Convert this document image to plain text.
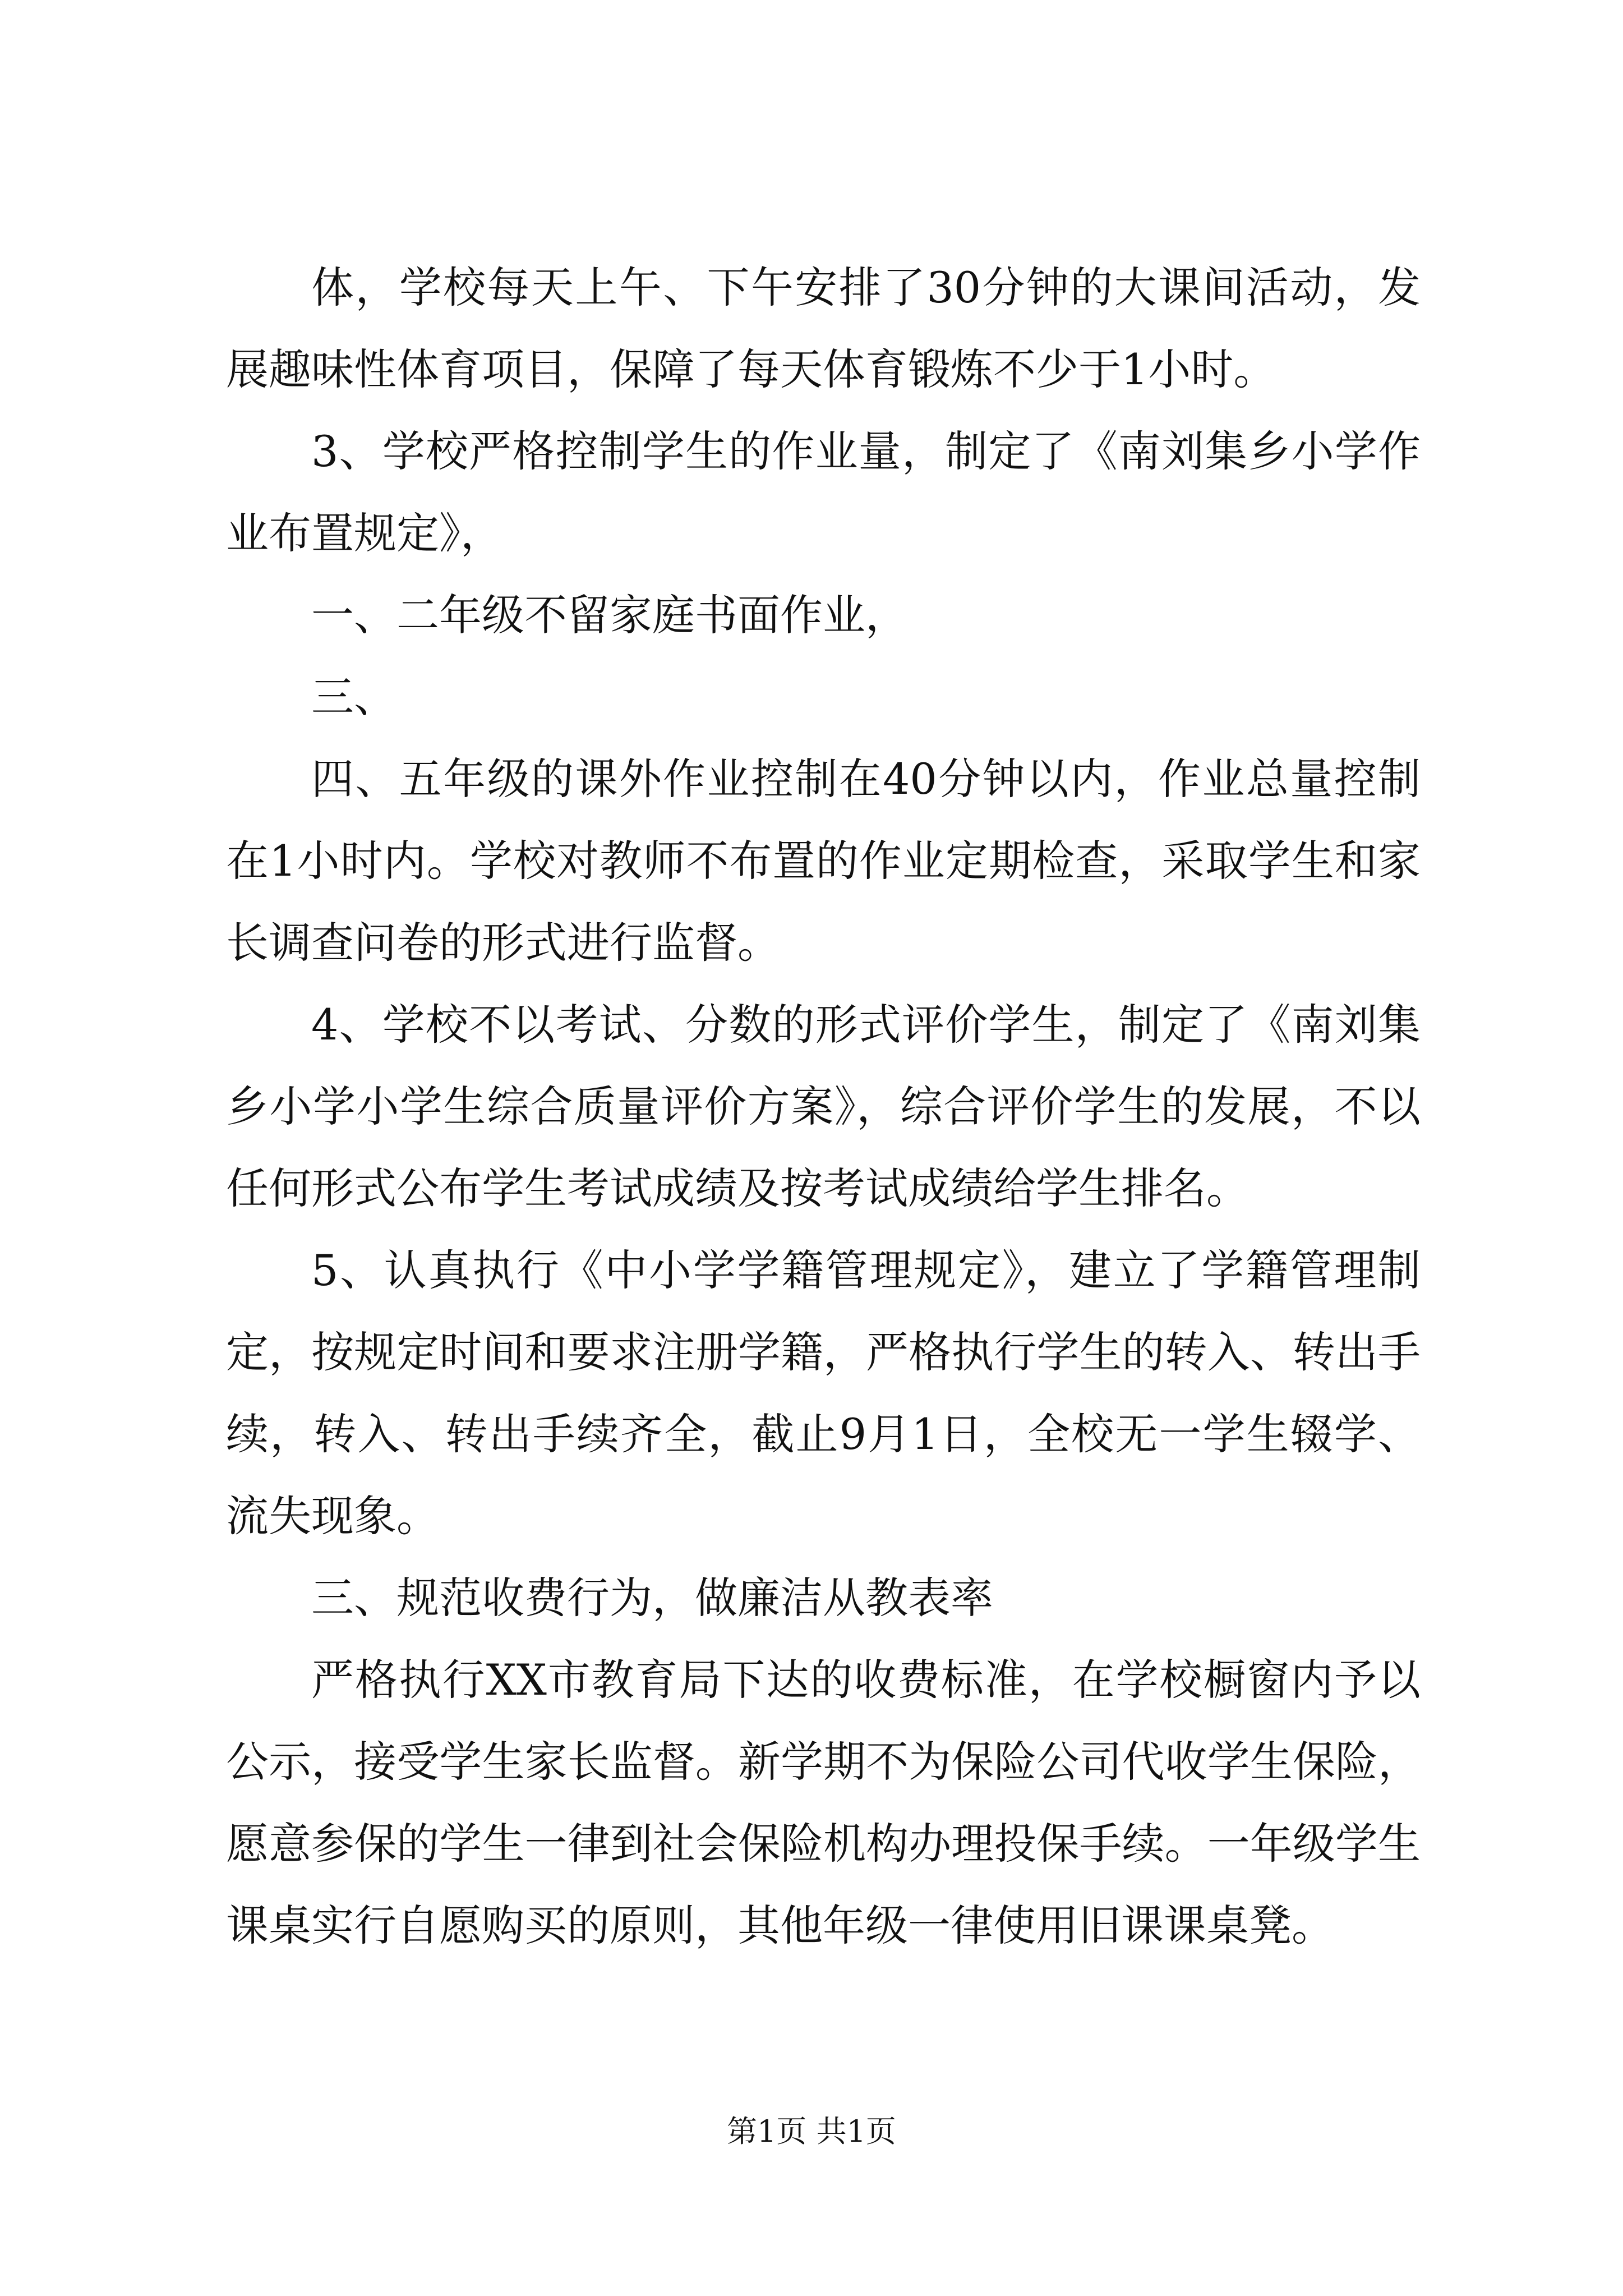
体，学校每天上午、下午安排了30分钟的大课间活动，发展趣味性体育项目，保障了每天体育锻炼不少于1小时。

3、学校严格控制学生的作业量，制定了《南刘集乡小学作业布置规定》，

一、二年级不留家庭书面作业，

三、

四、五年级的课外作业控制在40分钟以内，作业总量控制在1小时内。学校对教师不布置的作业定期检查，采取学生和家长调查问卷的形式进行监督。

4、学校不以考试、分数的形式评价学生，制定了《南刘集乡小学小学生综合质量评价方案》，综合评价学生的发展，不以任何形式公布学生考试成绩及按考试成绩给学生排名。

5、认真执行《中小学学籍管理规定》，建立了学籍管理制定，按规定时间和要求注册学籍，严格执行学生的转入、转出手续，转入、转出手续齐全，截止9月1日，全校无一学生辍学、流失现象。

三、规范收费行为，做廉洁从教表率

严格执行XX市教育局下达的收费标准，在学校橱窗内予以公示，接受学生家长监督。新学期不为保险公司代收学生保险，愿意参保的学生一律到社会保险机构办理投保手续。一年级学生课桌实行自愿购买的原则，其他年级一律使用旧课课桌凳。

第1页 共1页
